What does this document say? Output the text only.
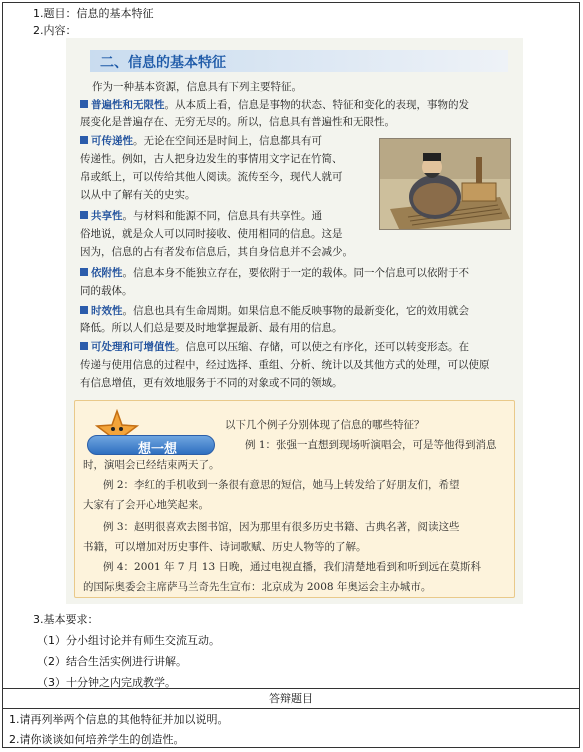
1.题目：信息的基本特征
2.内容：
二、信息的基本特征
作为一种基本资源，信息具有下列主要特征。
普遍性和无限性。从本质上看，信息是事物的状态、特征和变化的表现，事物的发
展变化是普遍存在、无穷无尽的。所以，信息具有普遍性和无限性。
可传递性。无论在空间还是时间上，信息都具有可
传递性。例如，古人把身边发生的事情用文字记在竹简、
帛或纸上，可以传给其他人阅读。流传至今，现代人就可
以从中了解有关的史实。
共享性。与材料和能源不同，信息具有共享性。通
俗地说，就是众人可以同时接收、使用相同的信息。这是
因为，信息的占有者发布信息后，其自身信息并不会减少。
依附性。信息本身不能独立存在，要依附于一定的载体。同一个信息可以依附于不
同的载体。
时效性。信息也具有生命周期。如果信息不能反映事物的最新变化，它的效用就会
降低。所以人们总是要及时地掌握最新、最有用的信息。
可处理和可增值性。信息可以压缩、存储，可以使之有序化，还可以转变形态。在
传递与使用信息的过程中，经过选择、重组、分析、统计以及其他方式的处理，可以使原
有信息增值，更有效地服务于不同的对象或不同的领域。
想一想
以下几个例子分别体现了信息的哪些特征？
例 1：张强一直想到现场听演唱会，可是等他得到消息
时，演唱会已经结束两天了。
例 2：李红的手机收到一条很有意思的短信，她马上转发给了好朋友们，希望
大家有了会开心地笑起来。
例 3：赵明很喜欢去图书馆，因为那里有很多历史书籍、古典名著，阅读这些
书籍，可以增加对历史事件、诗词歌赋、历史人物等的了解。
例 4：2001 年 7 月 13 日晚，通过电视直播，我们清楚地看到和听到远在莫斯科
的国际奥委会主席萨马兰奇先生宣布：北京成为 2008 年奥运会主办城市。
3.基本要求：
（1）分小组讨论并有师生交流互动。
（2）结合生活实例进行讲解。
（3）十分钟之内完成教学。
答辩题目
1.请再列举两个信息的其他特征并加以说明。
2.请你谈谈如何培养学生的创造性。
